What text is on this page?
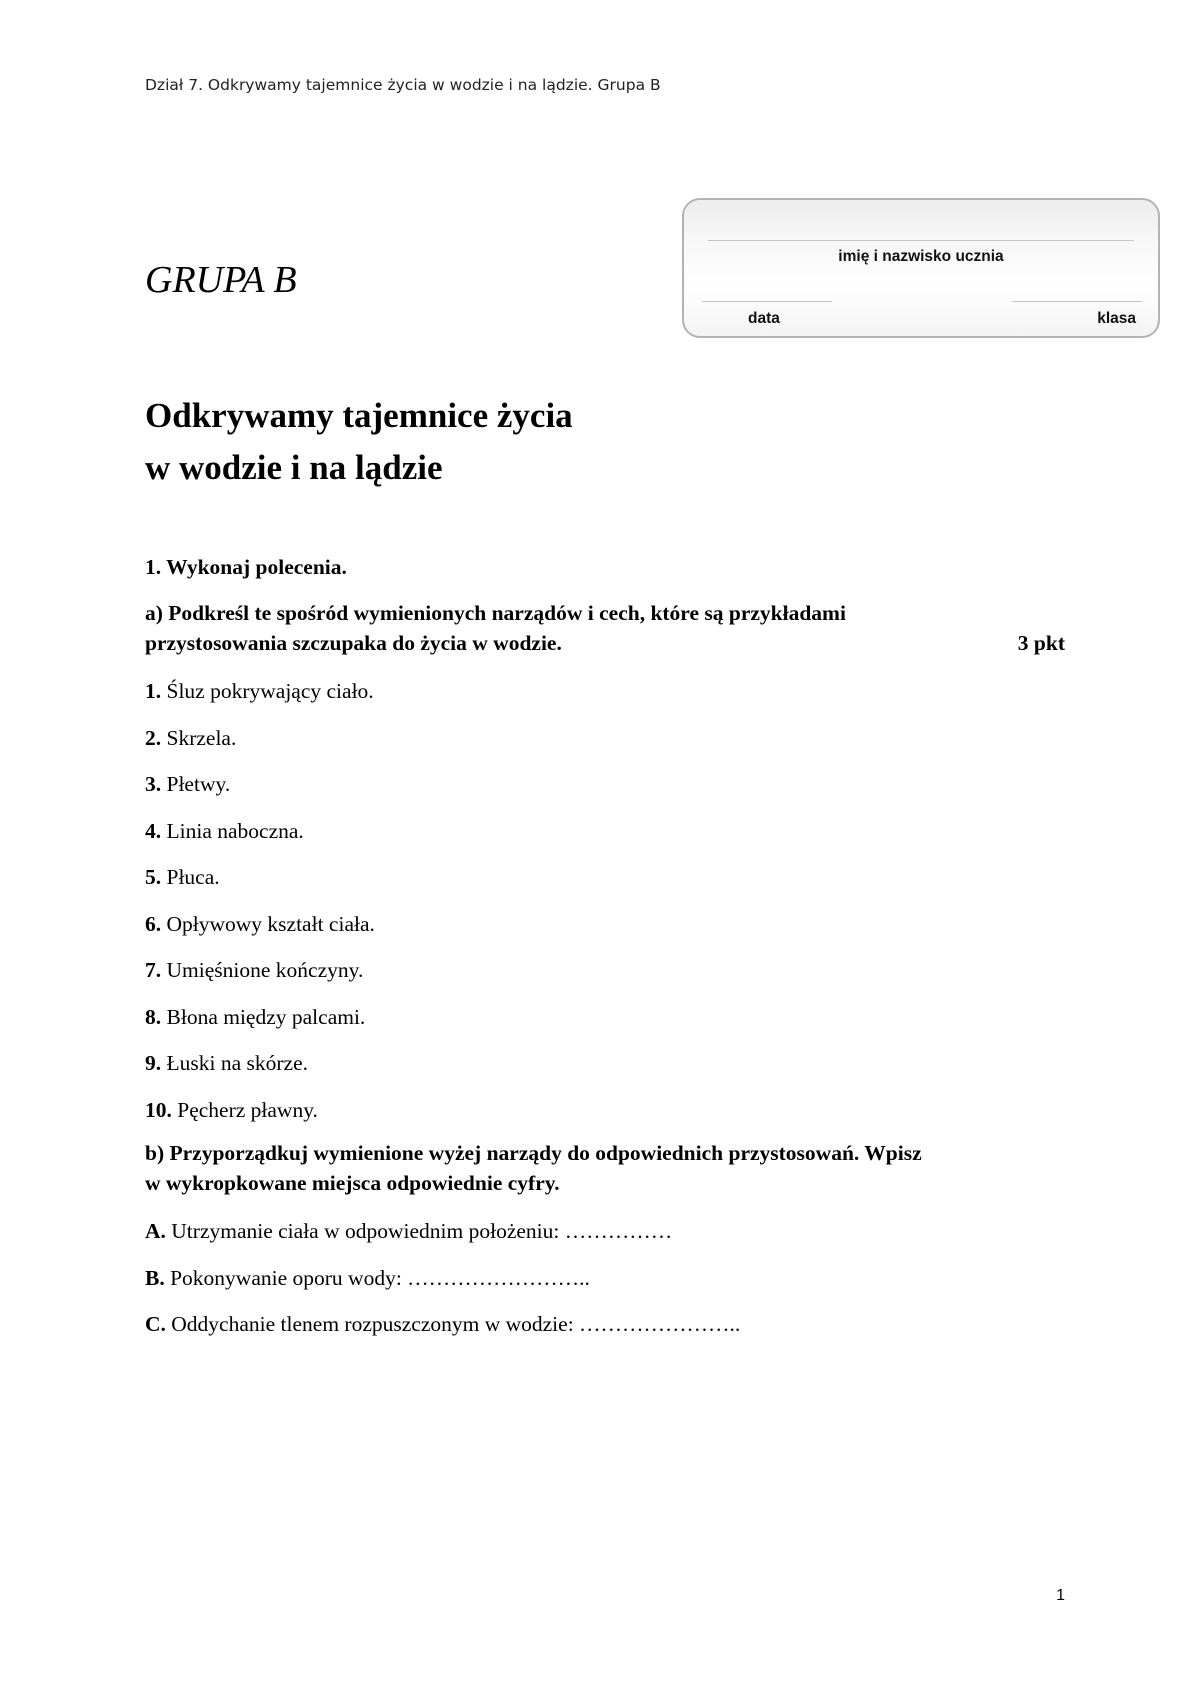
Dział 7. Odkrywamy tajemnice życia w wodzie i na lądzie. Grupa B
GRUPA B
imię i nazwisko ucznia
data	klasa
Odkrywamy tajemnice życia
w wodzie i na lądzie
1. Wykonaj polecenia.
a) Podkreśl te spośród wymienionych narządów i cech, które są przykładami
przystosowania szczupaka do życia w wodzie.	3 pkt
1. Śluz pokrywający ciało.
2. Skrzela.
3. Płetwy.
4. Linia naboczna.
5. Płuca.
6. Opływowy kształt ciała.
7. Umięśnione kończyny.
8. Błona między palcami.
9. Łuski na skórze.
10. Pęcherz pławny.
b) Przyporządkuj wymienione wyżej narządy do odpowiednich przystosowań. Wpisz
w wykropkowane miejsca odpowiednie cyfry.
A. Utrzymanie ciała w odpowiednim położeniu: ……………
B. Pokonywanie oporu wody: ……………………..
C. Oddychanie tlenem rozpuszczonym w wodzie: …………………..
1
